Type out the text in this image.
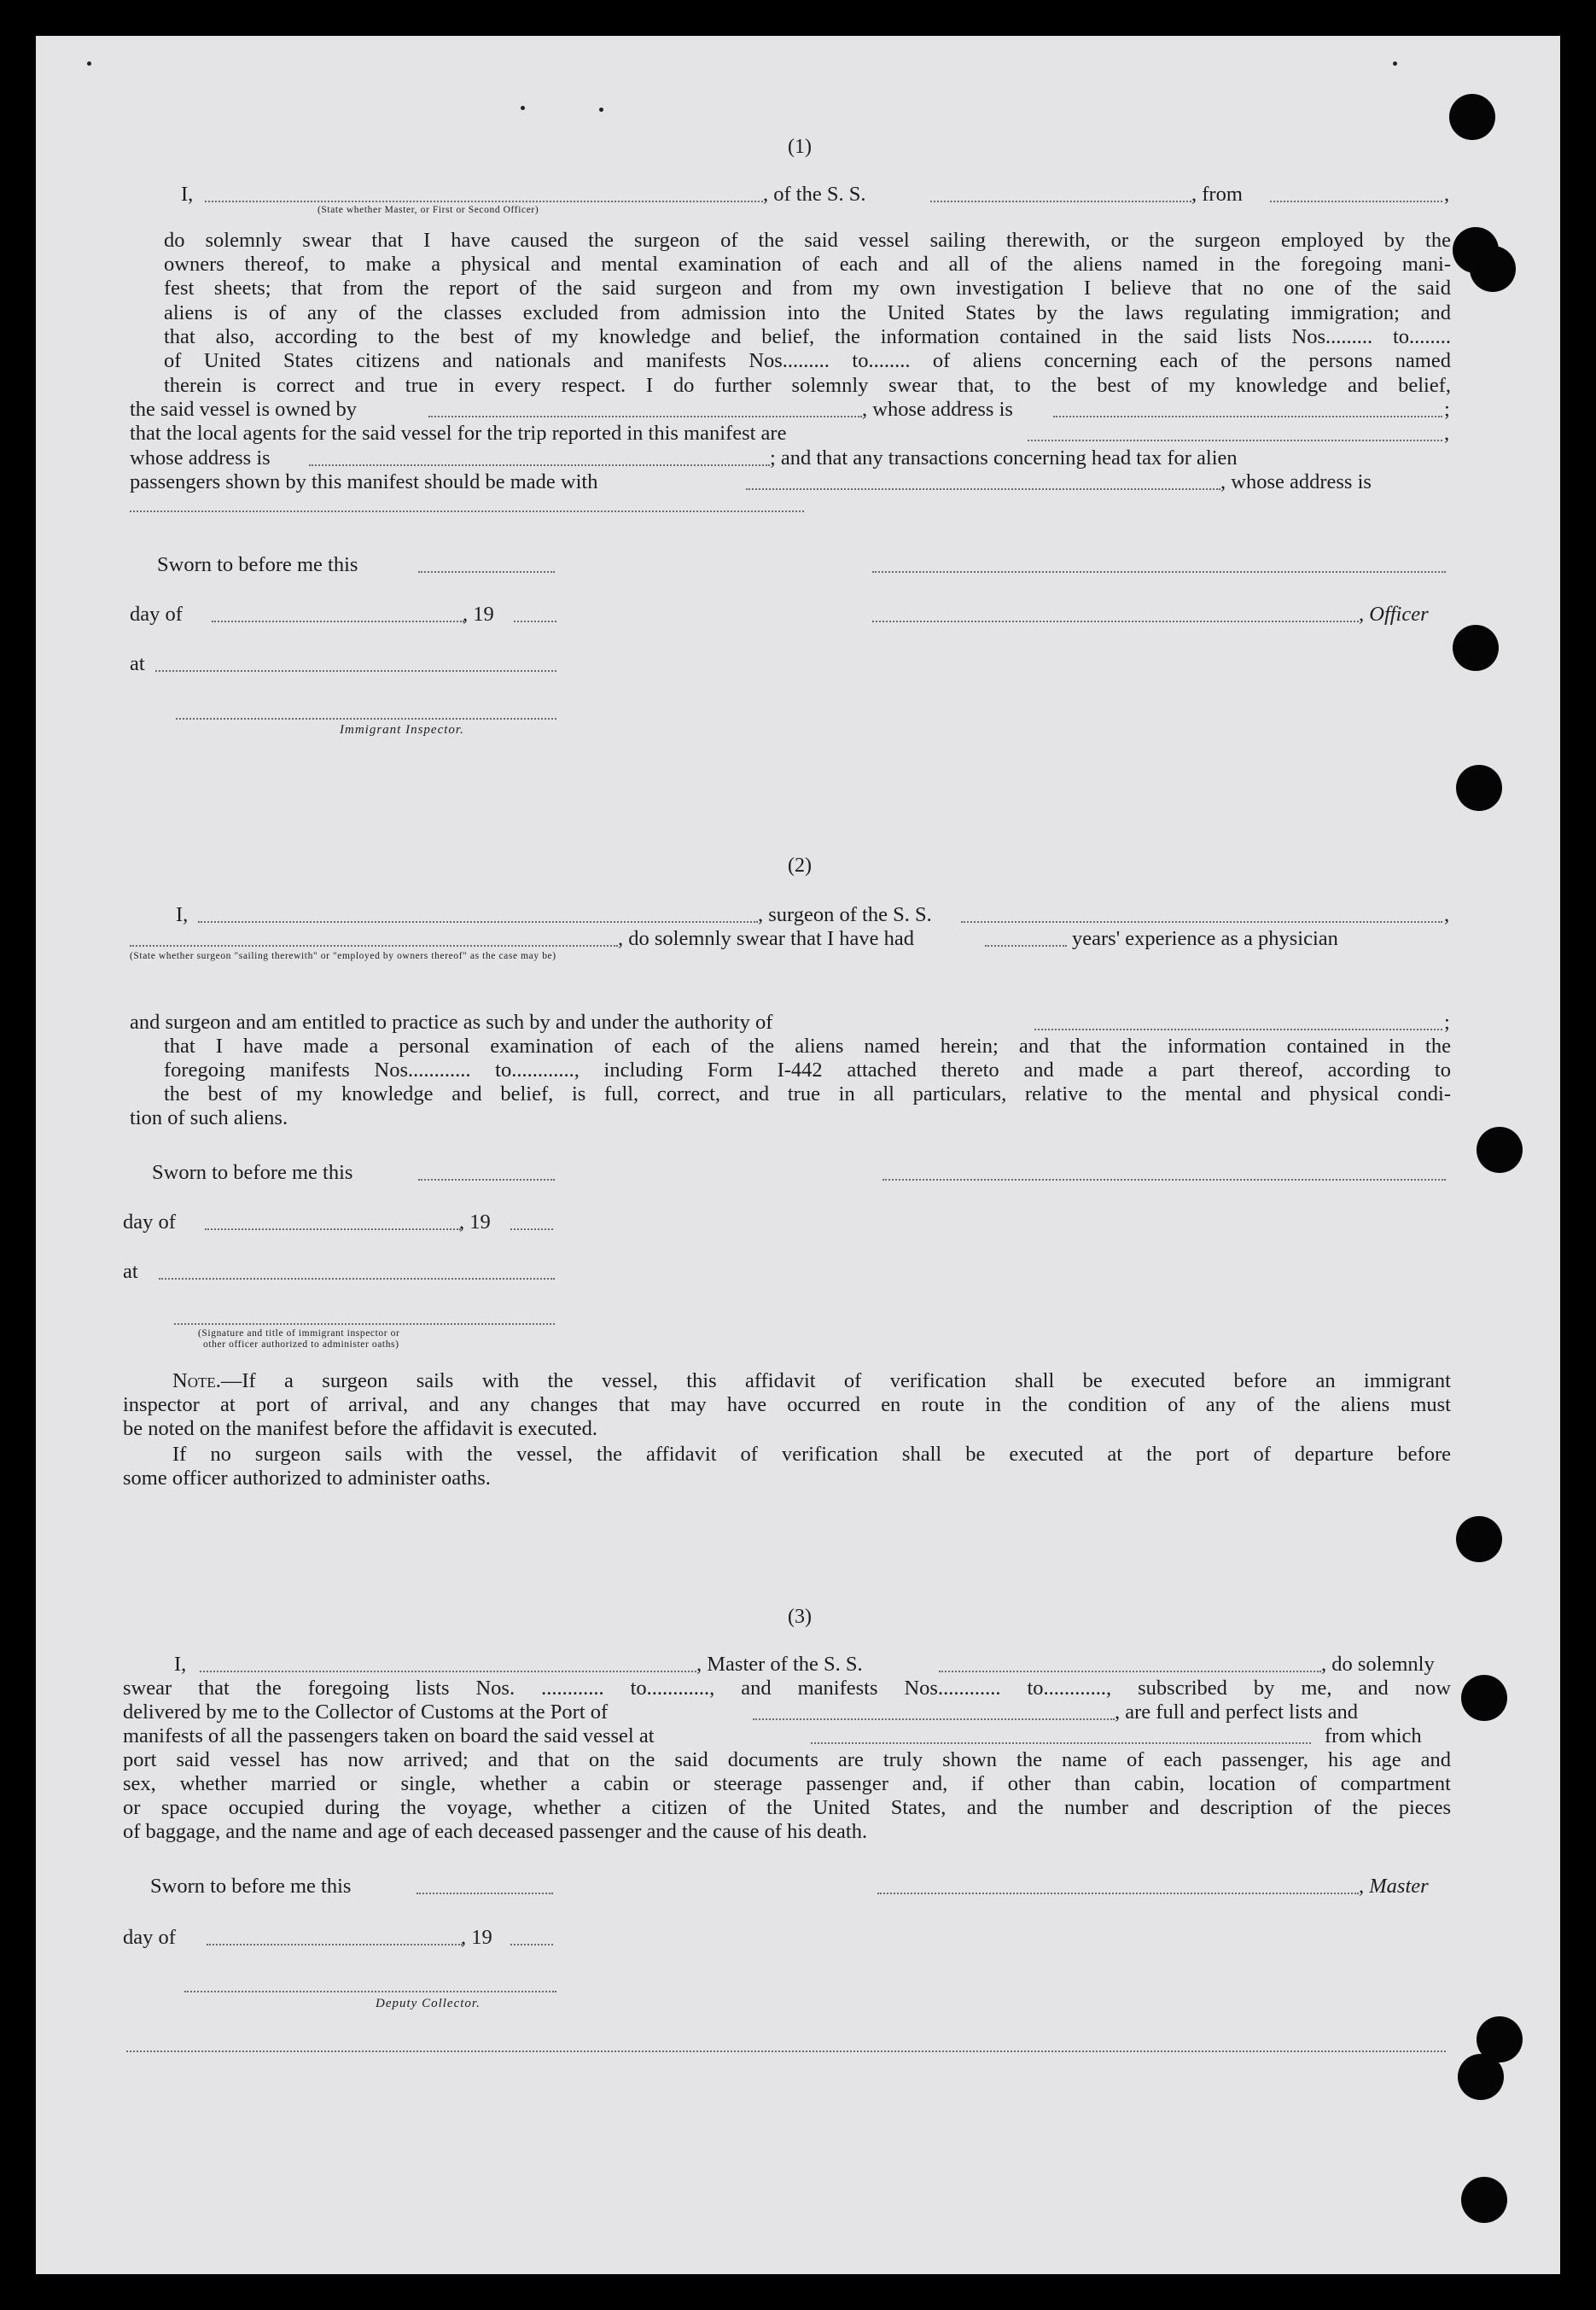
(1)
I,	, of the S. S.	, from	,
(State whether Master, or First or Second Officer)
do solemnly swear that I have caused the surgeon of the said vessel sailing therewith, or the surgeon employed by the
owners thereof, to make a physical and mental examination of each and all of the aliens named in the foregoing mani-
fest sheets; that from the report of the said surgeon and from my own investigation I believe that no one of the said
aliens is of any of the classes excluded from admission into the United States by the laws regulating immigration; and
that also, according to the best of my knowledge and belief, the information contained in the said lists Nos......... to........
of United States citizens and nationals and manifests Nos......... to........ of aliens concerning each of the persons named
therein is correct and true in every respect. I do further solemnly swear that, to the best of my knowledge and belief,
the said vessel is owned by	, whose address is	;
that the local agents for the said vessel for the trip reported in this manifest are	,
whose address is	; and that any transactions concerning head tax for alien
passengers shown by this manifest should be made with	, whose address is
Sworn to before me this
day of	, 19	, Officer
at
Immigrant Inspector.
(2)
I,	, surgeon of the S. S.	,
, do solemnly swear that I have had	years' experience as a physician
(State whether surgeon "sailing therewith" or "employed by owners thereof" as the case may be)
and surgeon and am entitled to practice as such by and under the authority of	;
that I have made a personal examination of each of the aliens named herein; and that the information contained in the
foregoing manifests Nos............ to............, including Form I-442 attached thereto and made a part thereof, according to
the best of my knowledge and belief, is full, correct, and true in all particulars, relative to the mental and physical condi-
tion of such aliens.
Sworn to before me this
day of	, 19
at
(Signature and title of immigrant inspector or
other officer authorized to administer oaths)
Note.—If a surgeon sails with the vessel, this affidavit of verification shall be executed before an immigrant
inspector at port of arrival, and any changes that may have occurred en route in the condition of any of the aliens must
be noted on the manifest before the affidavit is executed.
If no surgeon sails with the vessel, the affidavit of verification shall be executed at the port of departure before
some officer authorized to administer oaths.
(3)
I,	, Master of the S. S.	, do solemnly
swear that the foregoing lists Nos. ............ to............, and manifests Nos............ to............, subscribed by me, and now
delivered by me to the Collector of Customs at the Port of	, are full and perfect lists and
manifests of all the passengers taken on board the said vessel at	from which
port said vessel has now arrived; and that on the said documents are truly shown the name of each passenger, his age and
sex, whether married or single, whether a cabin or steerage passenger and, if other than cabin, location of compartment
or space occupied during the voyage, whether a citizen of the United States, and the number and description of the pieces
of baggage, and the name and age of each deceased passenger and the cause of his death.
Sworn to before me this	, Master
day of	, 19
Deputy Collector.
